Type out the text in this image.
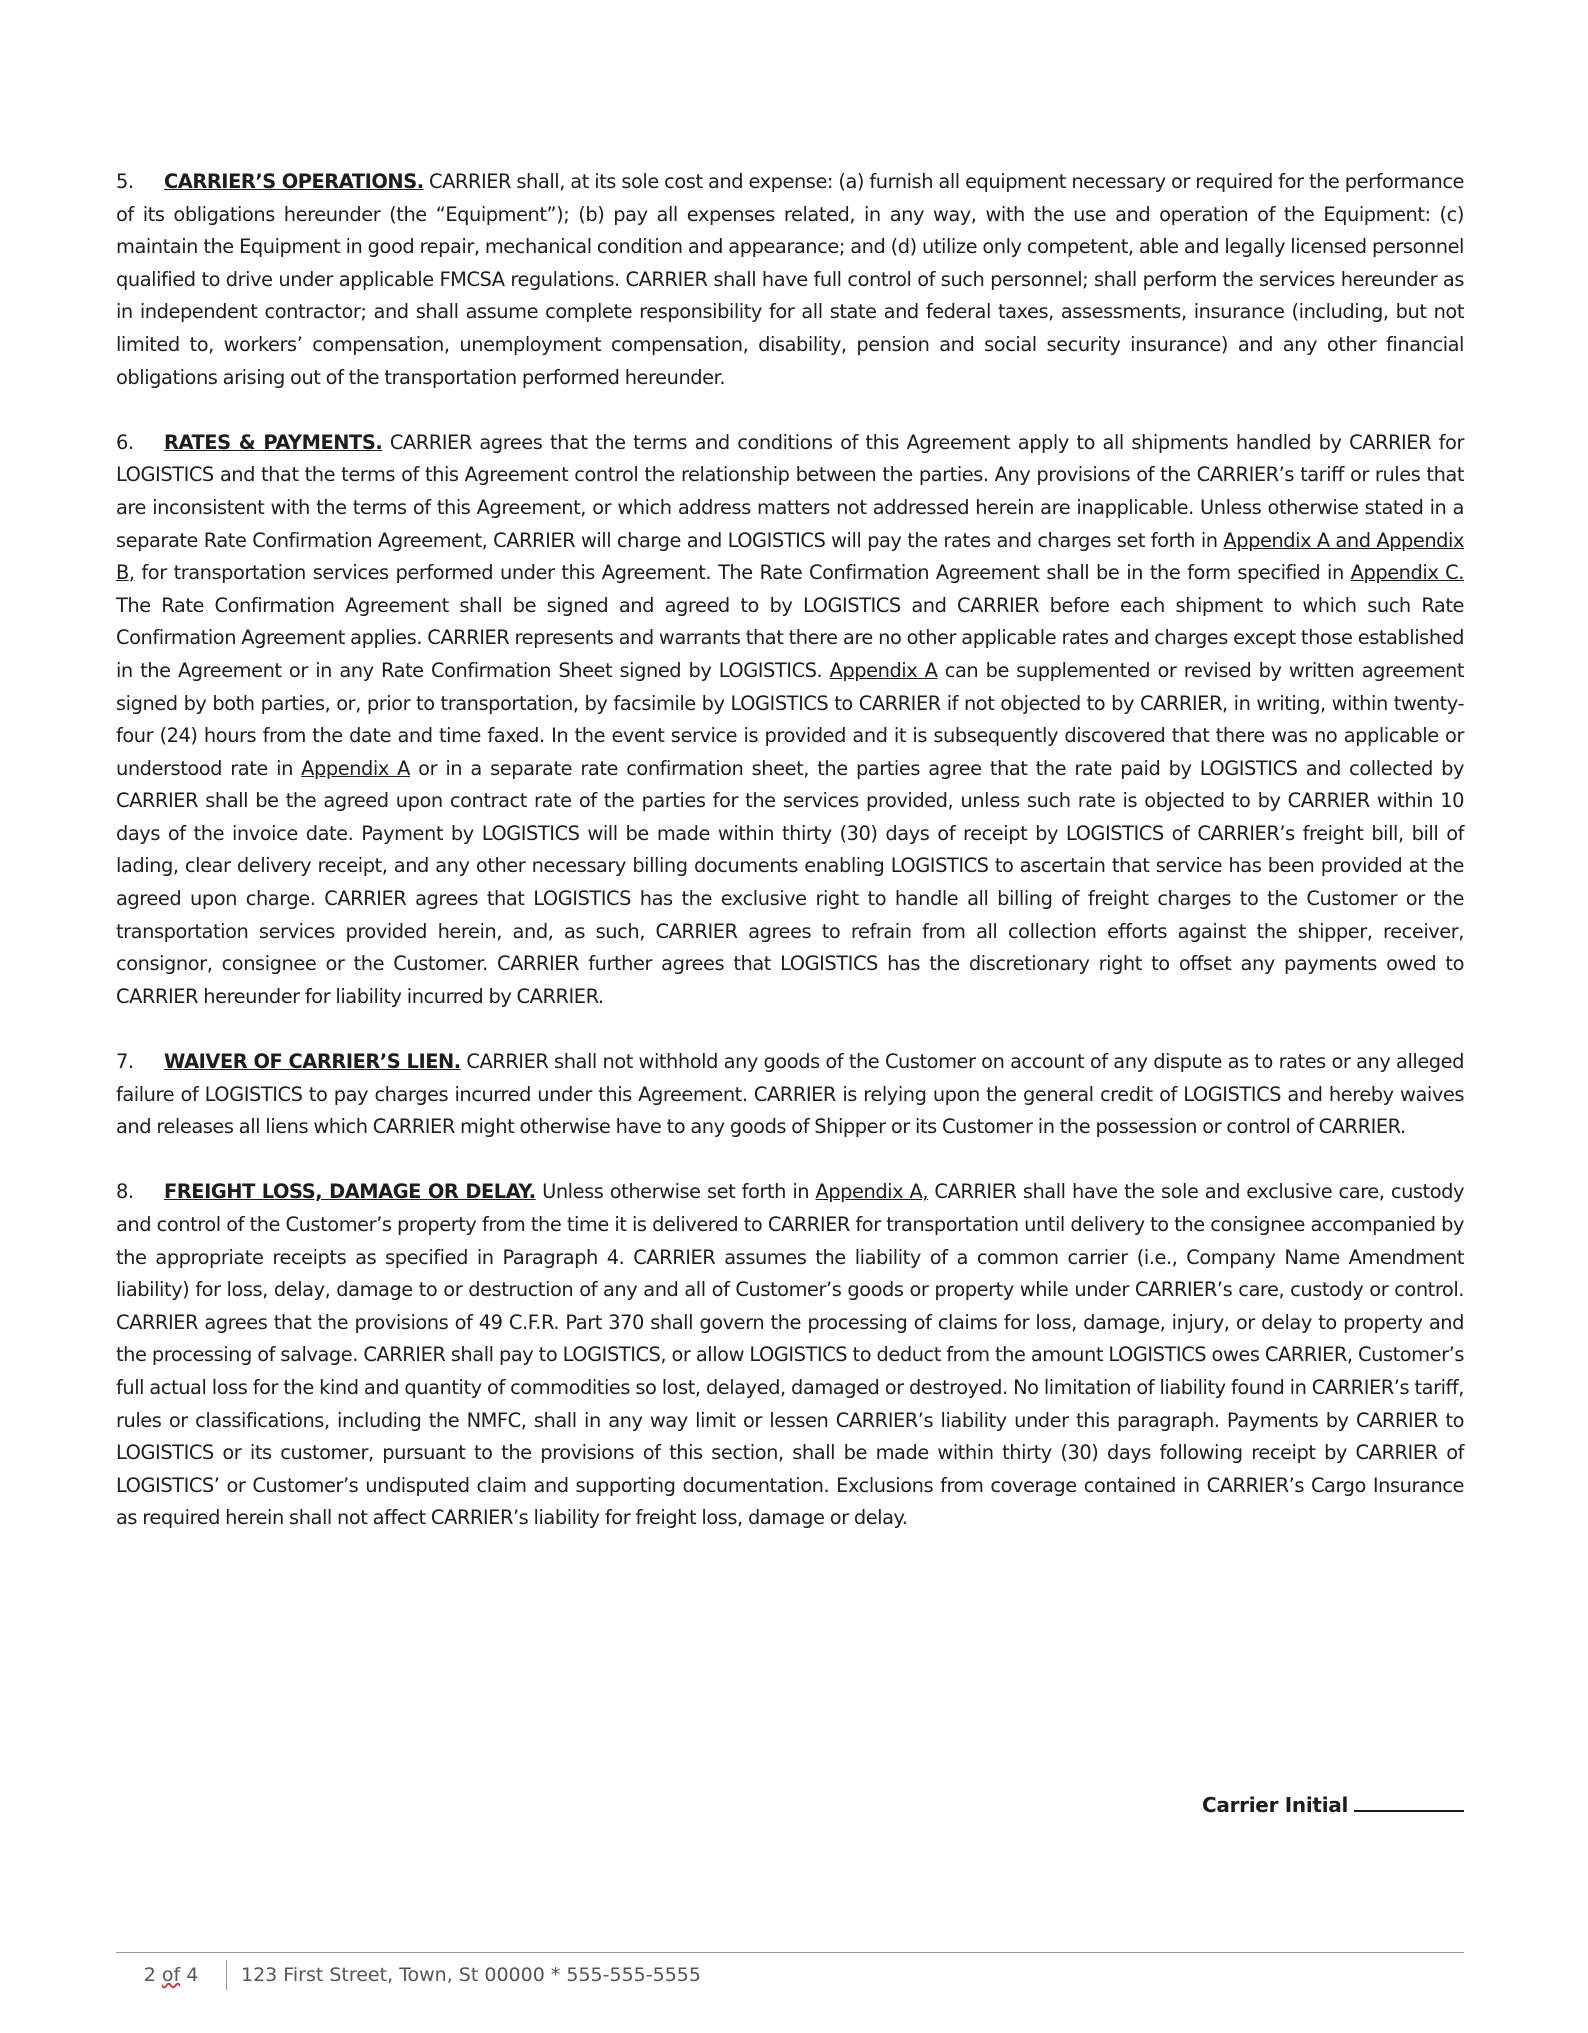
5. CARRIER’S OPERATIONS. CARRIER shall, at its sole cost and expense: (a) furnish all equipment necessary or required for the performance of its obligations hereunder (the “Equipment”); (b) pay all expenses related, in any way, with the use and operation of the Equipment: (c) maintain the Equipment in good repair, mechanical condition and appearance; and (d) utilize only competent, able and legally licensed personnel qualified to drive under applicable FMCSA regulations. CARRIER shall have full control of such personnel; shall perform the services hereunder as in independent contractor; and shall assume complete responsibility for all state and federal taxes, assessments, insurance (including, but not limited to, workers’ compensation, unemployment compensation, disability, pension and social security insurance) and any other financial obligations arising out of the transportation performed hereunder.

6. RATES & PAYMENTS. CARRIER agrees that the terms and conditions of this Agreement apply to all shipments handled by CARRIER for LOGISTICS and that the terms of this Agreement control the relationship between the parties. Any provisions of the CARRIER’s tariff or rules that are inconsistent with the terms of this Agreement, or which address matters not addressed herein are inapplicable. Unless otherwise stated in a separate Rate Confirmation Agreement, CARRIER will charge and LOGISTICS will pay the rates and charges set forth in Appendix A and Appendix B, for transportation services performed under this Agreement. The Rate Confirmation Agreement shall be in the form specified in Appendix C. The Rate Confirmation Agreement shall be signed and agreed to by LOGISTICS and CARRIER before each shipment to which such Rate Confirmation Agreement applies. CARRIER represents and warrants that there are no other applicable rates and charges except those established in the Agreement or in any Rate Confirmation Sheet signed by LOGISTICS. Appendix A can be supplemented or revised by written agreement signed by both parties, or, prior to transportation, by facsimile by LOGISTICS to CARRIER if not objected to by CARRIER, in writing, within twenty-four (24) hours from the date and time faxed. In the event service is provided and it is subsequently discovered that there was no applicable or understood rate in Appendix A or in a separate rate confirmation sheet, the parties agree that the rate paid by LOGISTICS and collected by CARRIER shall be the agreed upon contract rate of the parties for the services provided, unless such rate is objected to by CARRIER within 10 days of the invoice date. Payment by LOGISTICS will be made within thirty (30) days of receipt by LOGISTICS of CARRIER’s freight bill, bill of lading, clear delivery receipt, and any other necessary billing documents enabling LOGISTICS to ascertain that service has been provided at the agreed upon charge. CARRIER agrees that LOGISTICS has the exclusive right to handle all billing of freight charges to the Customer or the transportation services provided herein, and, as such, CARRIER agrees to refrain from all collection efforts against the shipper, receiver, consignor, consignee or the Customer. CARRIER further agrees that LOGISTICS has the discretionary right to offset any payments owed to CARRIER hereunder for liability incurred by CARRIER.

7. WAIVER OF CARRIER’S LIEN. CARRIER shall not withhold any goods of the Customer on account of any dispute as to rates or any alleged failure of LOGISTICS to pay charges incurred under this Agreement. CARRIER is relying upon the general credit of LOGISTICS and hereby waives and releases all liens which CARRIER might otherwise have to any goods of Shipper or its Customer in the possession or control of CARRIER.

8. FREIGHT LOSS, DAMAGE OR DELAY. Unless otherwise set forth in Appendix A, CARRIER shall have the sole and exclusive care, custody and control of the Customer’s property from the time it is delivered to CARRIER for transportation until delivery to the consignee accompanied by the appropriate receipts as specified in Paragraph 4. CARRIER assumes the liability of a common carrier (i.e., Company Name Amendment liability) for loss, delay, damage to or destruction of any and all of Customer’s goods or property while under CARRIER’s care, custody or control. CARRIER agrees that the provisions of 49 C.F.R. Part 370 shall govern the processing of claims for loss, damage, injury, or delay to property and the processing of salvage. CARRIER shall pay to LOGISTICS, or allow LOGISTICS to deduct from the amount LOGISTICS owes CARRIER, Customer’s full actual loss for the kind and quantity of commodities so lost, delayed, damaged or destroyed. No limitation of liability found in CARRIER’s tariff, rules or classifications, including the NMFC, shall in any way limit or lessen CARRIER’s liability under this paragraph. Payments by CARRIER to LOGISTICS or its customer, pursuant to the provisions of this section, shall be made within thirty (30) days following receipt by CARRIER of LOGISTICS’ or Customer’s undisputed claim and supporting documentation. Exclusions from coverage contained in CARRIER’s Cargo Insurance as required herein shall not affect CARRIER’s liability for freight loss, damage or delay.

Carrier Initial
2 of 4	123 First Street, Town, St 00000 * 555-555-5555
